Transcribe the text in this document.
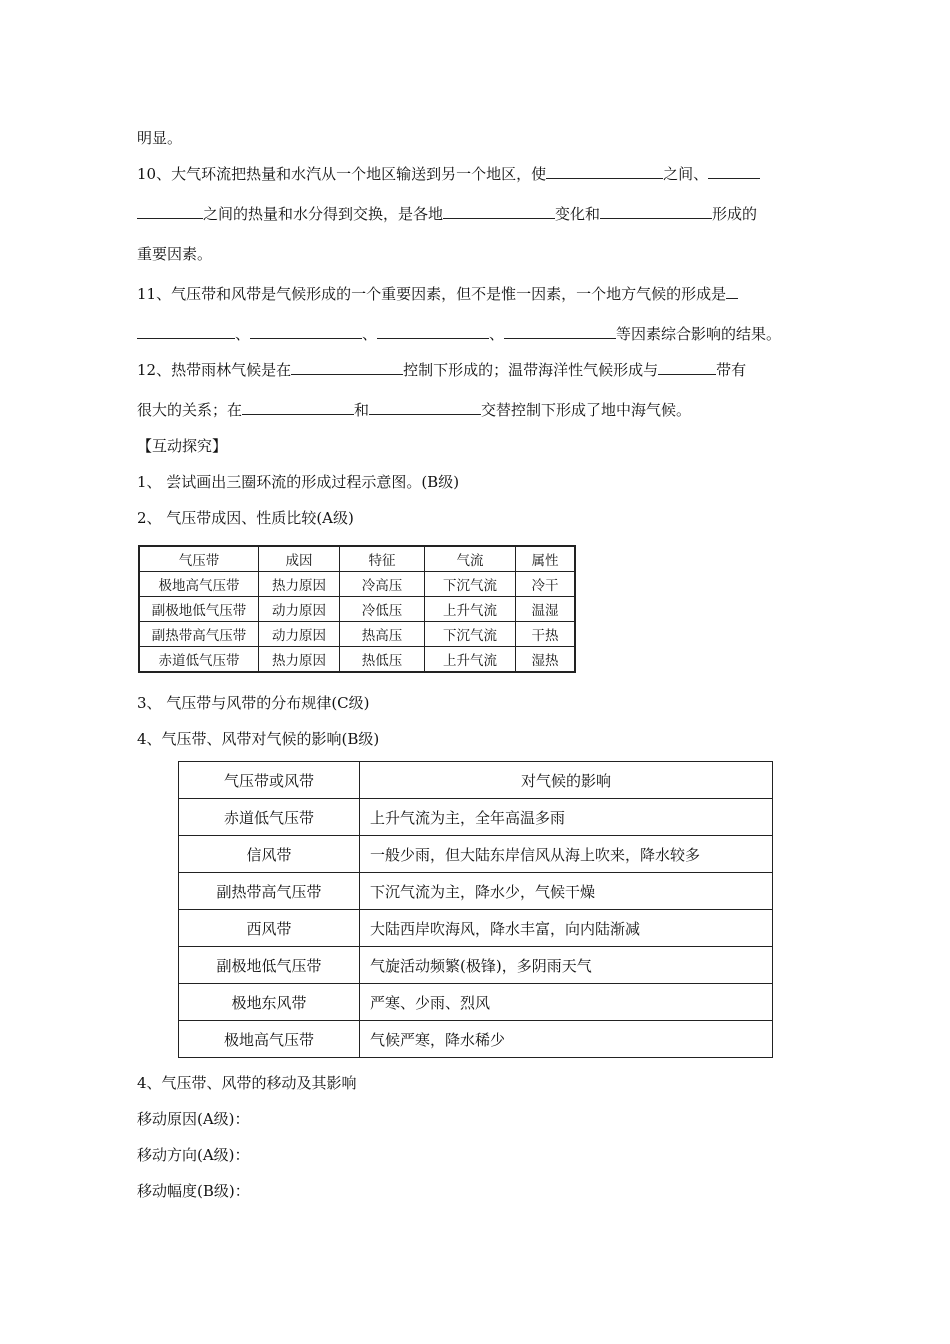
明显。
10、大气环流把热量和水汽从一个地区输送到另一个地区，使	之间、
之间的热量和水分得到交换，是各地	变化和	形成的
重要因素。
11、气压带和风带是气候形成的一个重要因素，但不是惟一因素，一个地方气候的形成是
、	、	、	等因素综合影响的结果。
12、热带雨林气候是在	控制下形成的；温带海洋性气候形成与	带有
很大的关系；在	和	交替控制下形成了地中海气候。
【互动探究】
1、 尝试画出三圈环流的形成过程示意图。(B级)
2、 气压带成因、性质比较(A级)
气压带	成因	特征	气流	属性
极地高气压带	热力原因	冷高压	下沉气流	冷干
副极地低气压带	动力原因	冷低压	上升气流	温湿
副热带高气压带	动力原因	热高压	下沉气流	干热
赤道低气压带	热力原因	热低压	上升气流	湿热
3、 气压带与风带的分布规律(C级)
4、气压带、风带对气候的影响(B级)
气压带或风带	对气候的影响
赤道低气压带	上升气流为主，全年高温多雨
信风带	一般少雨，但大陆东岸信风从海上吹来，降水较多
副热带高气压带	下沉气流为主，降水少，气候干燥
西风带	大陆西岸吹海风，降水丰富，向内陆渐减
副极地低气压带	气旋活动频繁(极锋)，多阴雨天气
极地东风带	严寒、少雨、烈风
极地高气压带	气候严寒，降水稀少
4、气压带、风带的移动及其影响
移动原因(A级)：
移动方向(A级)：
移动幅度(B级)：
